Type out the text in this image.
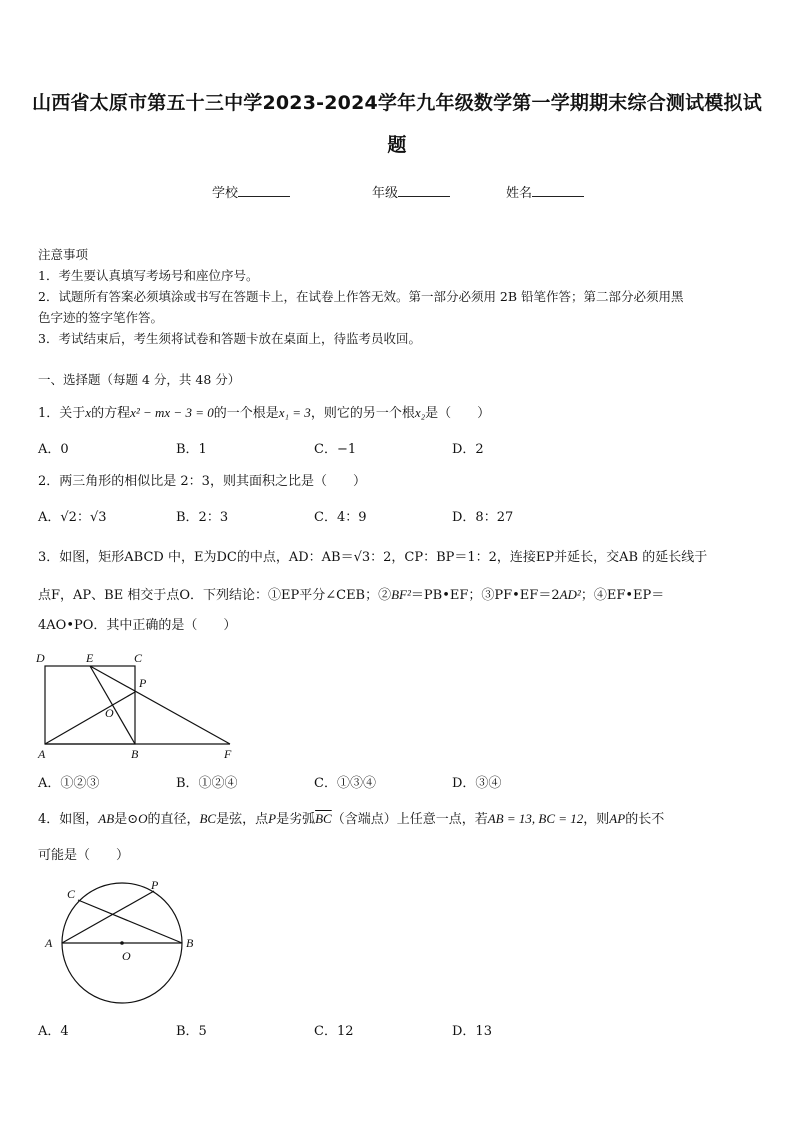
山西省太原市第五十三中学2023-2024学年九年级数学第一学期期末综合测试模拟试
题
学校	年级	姓名
注意事项
1．考生要认真填写考场号和座位序号。
2．试题所有答案必须填涂或书写在答题卡上，在试卷上作答无效。第一部分必须用 2B 铅笔作答；第二部分必须用黑
色字迹的签字笔作答。
3．考试结束后，考生须将试卷和答题卡放在桌面上，待监考员收回。
一、选择题（每题 4 分，共 48 分）
1．关于x的方程x² − mx − 3 = 0的一个根是x₁ = 3，则它的另一个根x₂是（　　）
A．0	B．1	C．−1	D．2
2．两三角形的相似比是 2：3，则其面积之比是（　　）
A．√2：√3	B．2：3	C．4：9	D．8：27
3．如图，矩形ABCD 中，E为DC的中点，AD：AB＝√3：2，CP：BP＝1：2，连接EP并延长，交AB 的延长线于
点F，AP、BE 相交于点O．下列结论：①EP平分∠CEB；②BF²＝PB•EF；③PF•EF＝2AD²；④EF•EP＝
4AO•PO．其中正确的是（　　）
D	E	C
P
O
A	B	F
A．①②③	B．①②④	C．①③④	D．③④
4．如图，AB是⊙O的直径，BC是弦，点P是劣弧$\overline{BC}$（含端点）上任意一点，若AB = 13, BC = 12，则AP的长不
可能是（　　）
C
P
A	B
O
A．4	B．5	C．12	D．13
